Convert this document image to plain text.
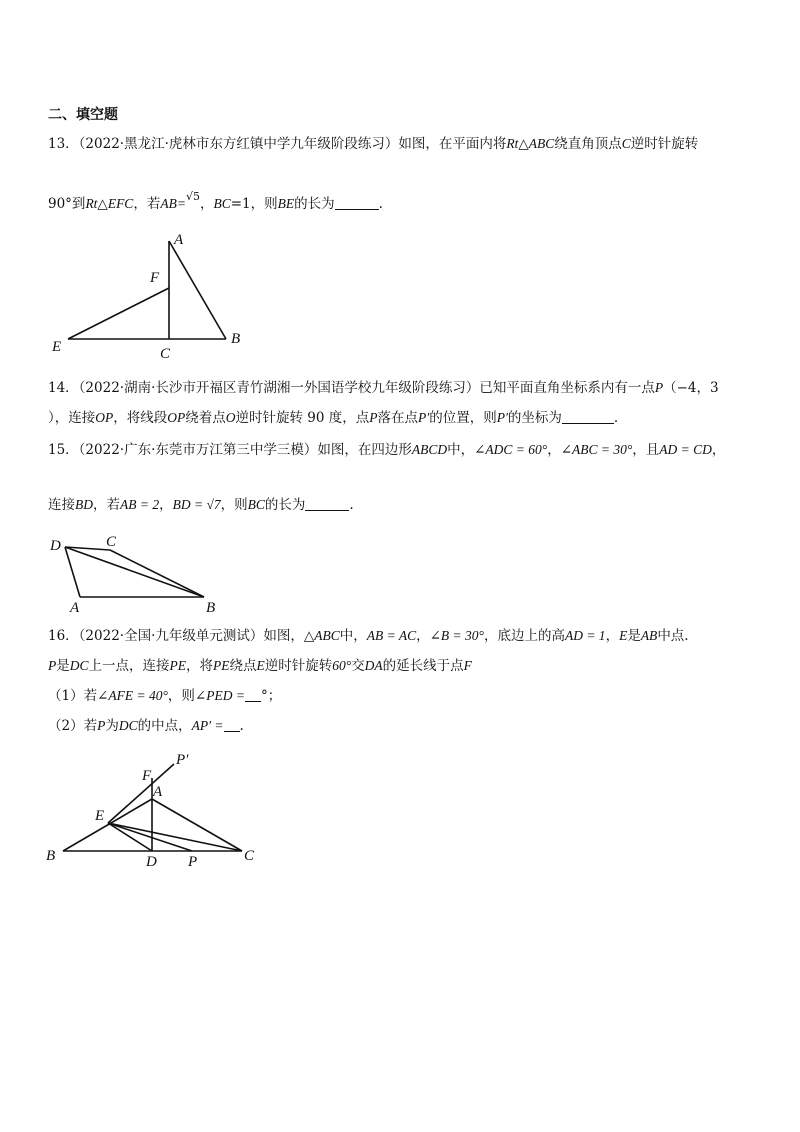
二、填空题
13．（2022·黑龙江·虎林市东方红镇中学九年级阶段练习）如图，在平面内将Rt△ABC绕直角顶点C逆时针旋转
90°到Rt△EFC，若AB=√5，BC=1，则BE的长为	.
14．（2022·湖南·长沙市开福区青竹湖湘一外国语学校九年级阶段练习）已知平面直角坐标系内有一点P（−4，3
），连接OP，将线段OP绕着点O逆时针旋转 90 度，点P落在点P′的位置，则P′的坐标为	.
15．（2022·广东·东莞市万江第三中学三模）如图，在四边形ABCD中，∠ADC = 60°，∠ABC = 30°，且AD = CD，
连接BD，若AB = 2，BD = √7，则BC的长为	.
16．（2022·全国·九年级单元测试）如图，△ABC中，AB = AC，∠B = 30°，底边上的高AD = 1，E是AB中点.
P是DC上一点，连接PE，将PE绕点E逆时针旋转60°交DA的延长线于点F
（1）若∠AFE = 40°，则∠PED = °；
（2）若P为DC的中点，AP′ = .
A
F
E	C
B
D	C
A	B
P′
F
A
E
B	D P	C
